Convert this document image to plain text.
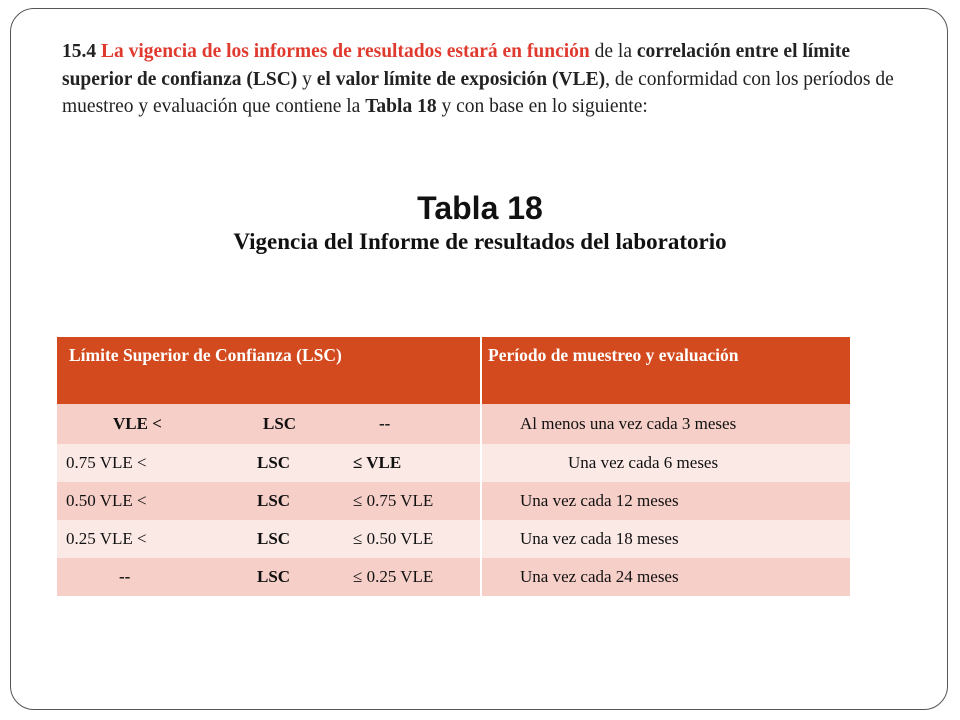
15.4 La vigencia de los informes de resultados estará en función de la correlación entre el límite superior de confianza (LSC) y el valor límite de exposición (VLE), de conformidad con los períodos de muestreo y evaluación que contiene la Tabla 18 y con base en lo siguiente:

Tabla 18
Vigencia del Informe de resultados del laboratorio
Límite Superior de Confianza (LSC)	Período de muestreo y evaluación

VLE < LSC --	Al menos una vez cada 3 meses

0.75 VLE < LSC ≤ VLE	Una vez cada 6 meses

0.50 VLE < LSC ≤ 0.75 VLE	Una vez cada 12 meses

0.25 VLE < LSC ≤ 0.50 VLE	Una vez cada 18 meses

-- LSC ≤ 0.25 VLE	Una vez cada 24 meses
